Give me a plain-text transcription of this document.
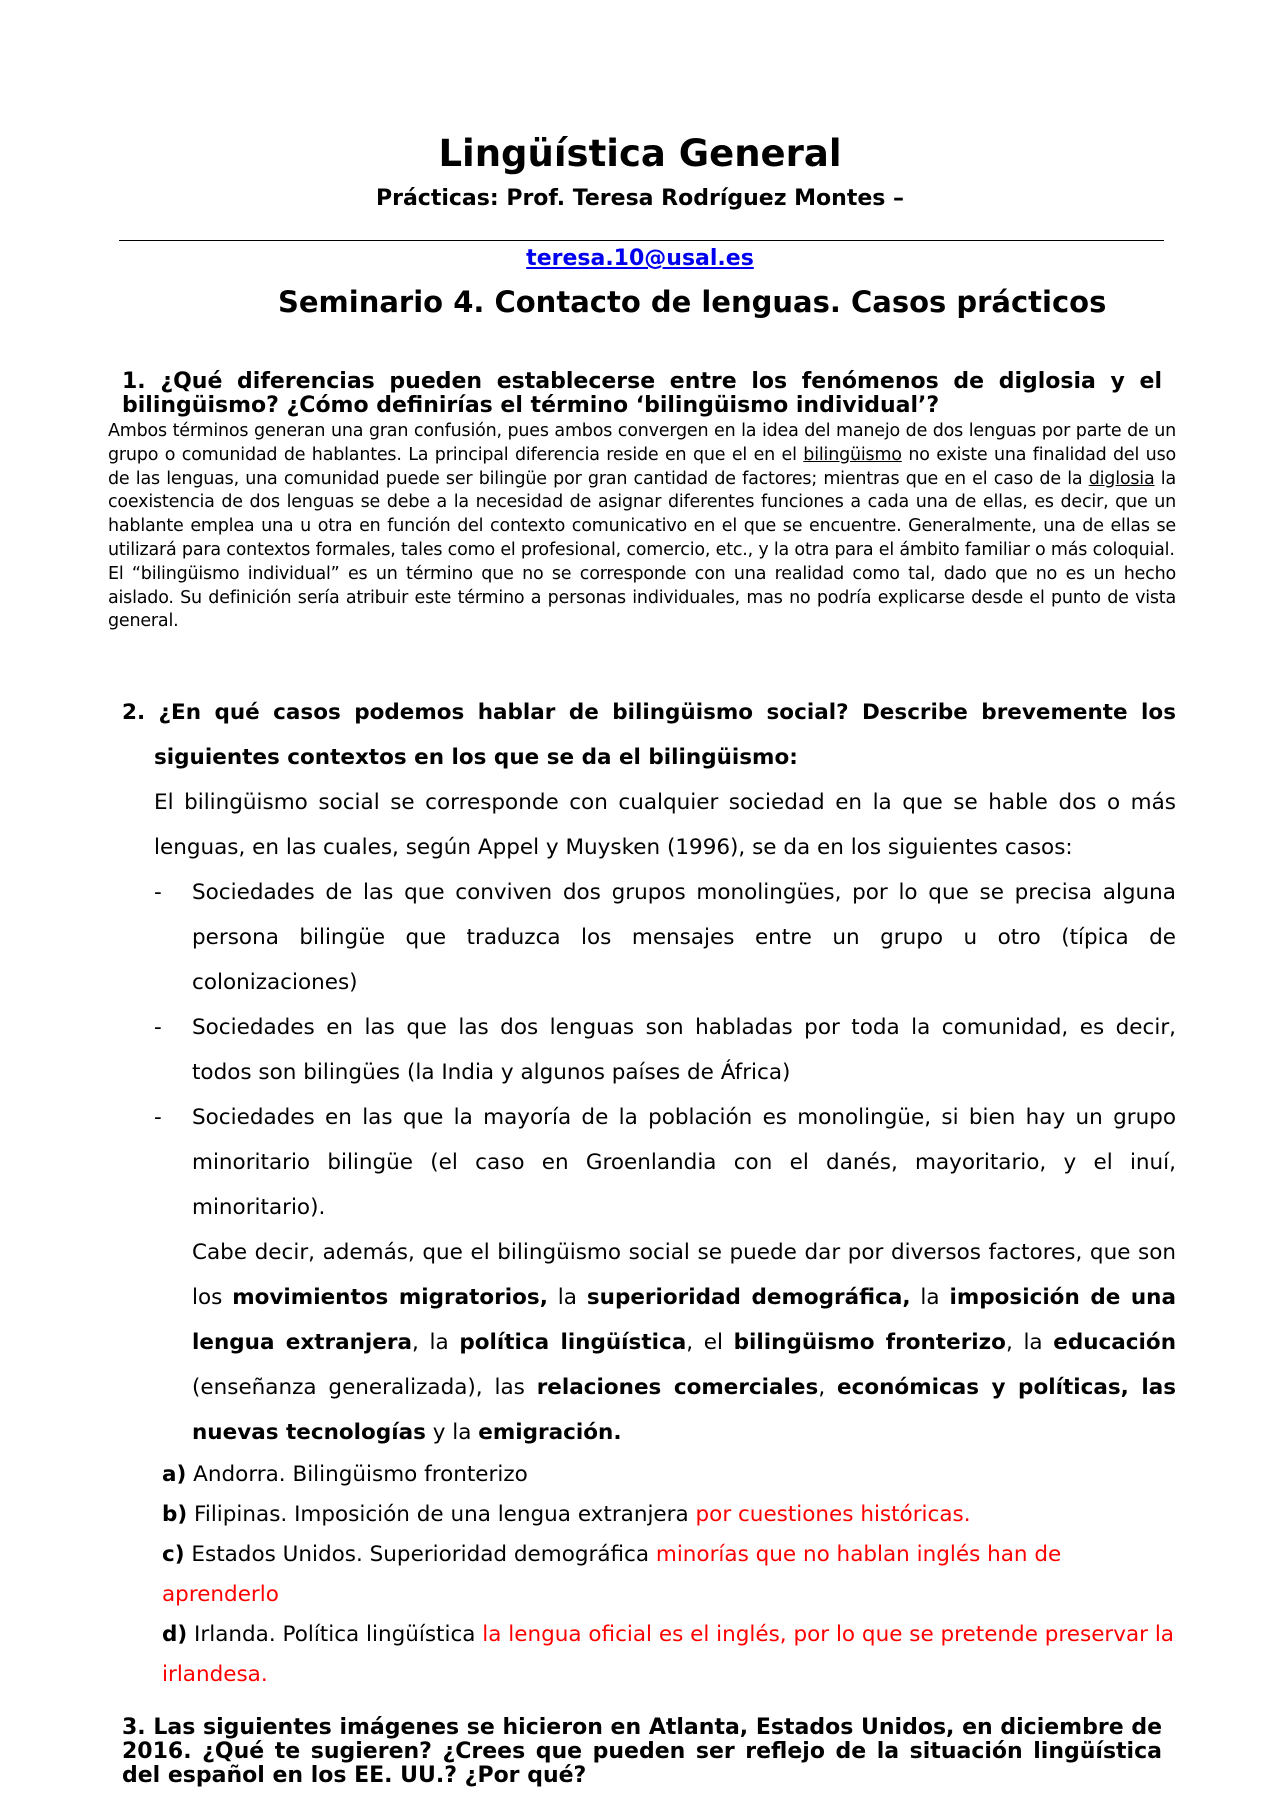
Lingüística General
Prácticas: Prof. Teresa Rodríguez Montes –
teresa.10@usal.es
Seminario 4. Contacto de lenguas. Casos prácticos
1. ¿Qué diferencias pueden establecerse entre los fenómenos de diglosia y el bilingüismo? ¿Cómo definirías el término ‘bilingüismo individual’?

Ambos términos generan una gran confusión, pues ambos convergen en la idea del manejo de dos lenguas por parte de un grupo o comunidad de hablantes. La principal diferencia reside en que el en el bilingüismo no existe una finalidad del uso de las lenguas, una comunidad puede ser bilingüe por gran cantidad de factores; mientras que en el caso de la diglosia la coexistencia de dos lenguas se debe a la necesidad de asignar diferentes funciones a cada una de ellas, es decir, que un hablante emplea una u otra en función del contexto comunicativo en el que se encuentre. Generalmente, una de ellas se utilizará para contextos formales, tales como el profesional, comercio, etc., y la otra para el ámbito familiar o más coloquial.

El “bilingüismo individual” es un término que no se corresponde con una realidad como tal, dado que no es un hecho aislado. Su definición sería atribuir este término a personas individuales, mas no podría explicarse desde el punto de vista general.

2. ¿En qué casos podemos hablar de bilingüismo social? Describe brevemente los siguientes contextos en los que se da el bilingüismo:
El bilingüismo social se corresponde con cualquier sociedad en la que se hable dos o más lenguas, en las cuales, según Appel y Muysken (1996), se da en los siguientes casos:
-	Sociedades de las que conviven dos grupos monolingües, por lo que se precisa alguna persona bilingüe que traduzca los mensajes entre un grupo u otro (típica de colonizaciones)
-	Sociedades en las que las dos lenguas son habladas por toda la comunidad, es decir, todos son bilingües (la India y algunos países de África)
-	Sociedades en las que la mayoría de la población es monolingüe, si bien hay un grupo minoritario bilingüe (el caso en Groenlandia con el danés, mayoritario, y el inuí, minoritario).
Cabe decir, además, que el bilingüismo social se puede dar por diversos factores, que son los movimientos migratorios, la superioridad demográfica, la imposición de una lengua extranjera, la política lingüística, el bilingüismo fronterizo, la educación (enseñanza generalizada), las relaciones comerciales, económicas y políticas, las nuevas tecnologías y la emigración.
a) Andorra. Bilingüismo fronterizo
b) Filipinas. Imposición de una lengua extranjera por cuestiones históricas.
c) Estados Unidos. Superioridad demográfica minorías que no hablan inglés han de aprenderlo
d) Irlanda. Política lingüística la lengua oficial es el inglés, por lo que se pretende preservar la irlandesa.
3. Las siguientes imágenes se hicieron en Atlanta, Estados Unidos, en diciembre de 2016. ¿Qué te sugieren? ¿Crees que pueden ser reflejo de la situación lingüística del español en los EE. UU.? ¿Por qué?
